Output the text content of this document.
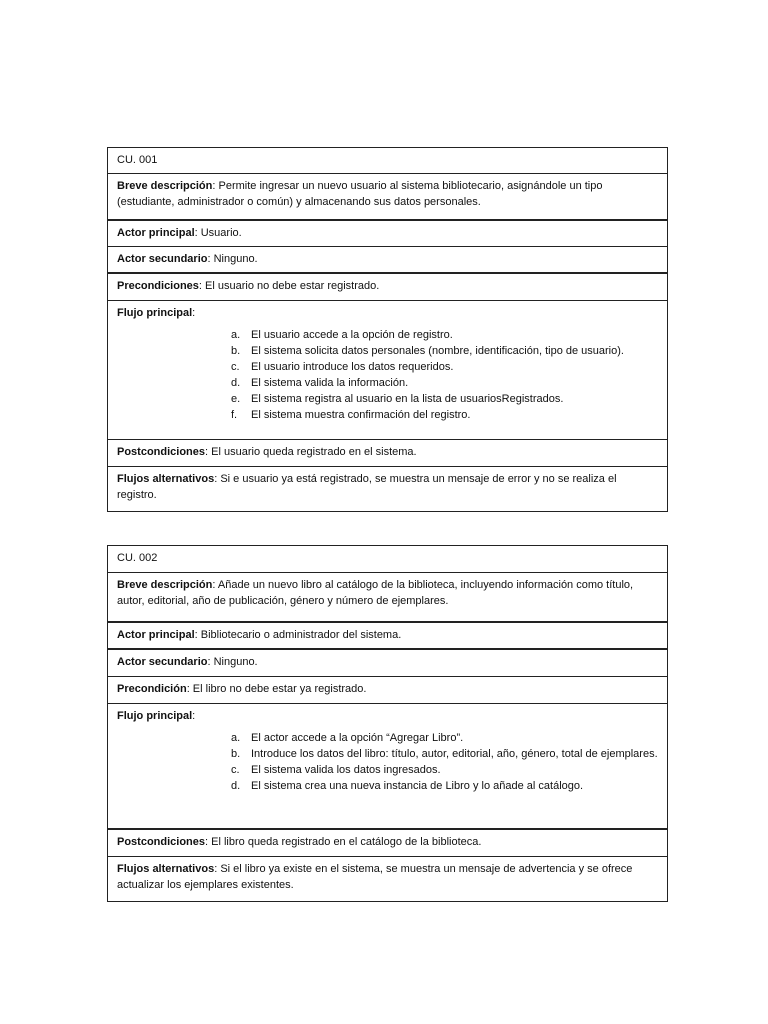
CU. 001
Breve descripción: Permite ingresar un nuevo usuario al sistema bibliotecario, asignándole un tipo (estudiante, administrador o común) y almacenando sus datos personales.
Actor principal: Usuario.
Actor secundario: Ninguno.
Precondiciones: El usuario no debe estar registrado.
Flujo principal:
a. El usuario accede a la opción de registro.
b. El sistema solicita datos personales (nombre, identificación, tipo de usuario).
c.	El usuario introduce los datos requeridos.
d. El sistema valida la información.
e. El sistema registra al usuario en la lista de usuariosRegistrados.
f.	El sistema muestra confirmación del registro.
Postcondiciones: El usuario queda registrado en el sistema.
Flujos alternativos: Si e usuario ya está registrado, se muestra un mensaje de error y no se realiza el registro.
CU. 002
Breve descripción: Añade un nuevo libro al catálogo de la biblioteca, incluyendo información como título, autor, editorial, año de publicación, género y número de ejemplares.
Actor principal: Bibliotecario o administrador del sistema.
Actor secundario: Ninguno.
Precondición: El libro no debe estar ya registrado.
Flujo principal:
a. El actor accede a la opción “Agregar Libro”.
b. Introduce los datos del libro: título, autor, editorial, año, género, total de ejemplares.
c.	El sistema valida los datos ingresados.
d. El sistema crea una nueva instancia de Libro y lo añade al catálogo.
Postcondiciones: El libro queda registrado en el catálogo de la biblioteca.
Flujos alternativos: Si el libro ya existe en el sistema, se muestra un mensaje de advertencia y se ofrece actualizar los ejemplares existentes.
